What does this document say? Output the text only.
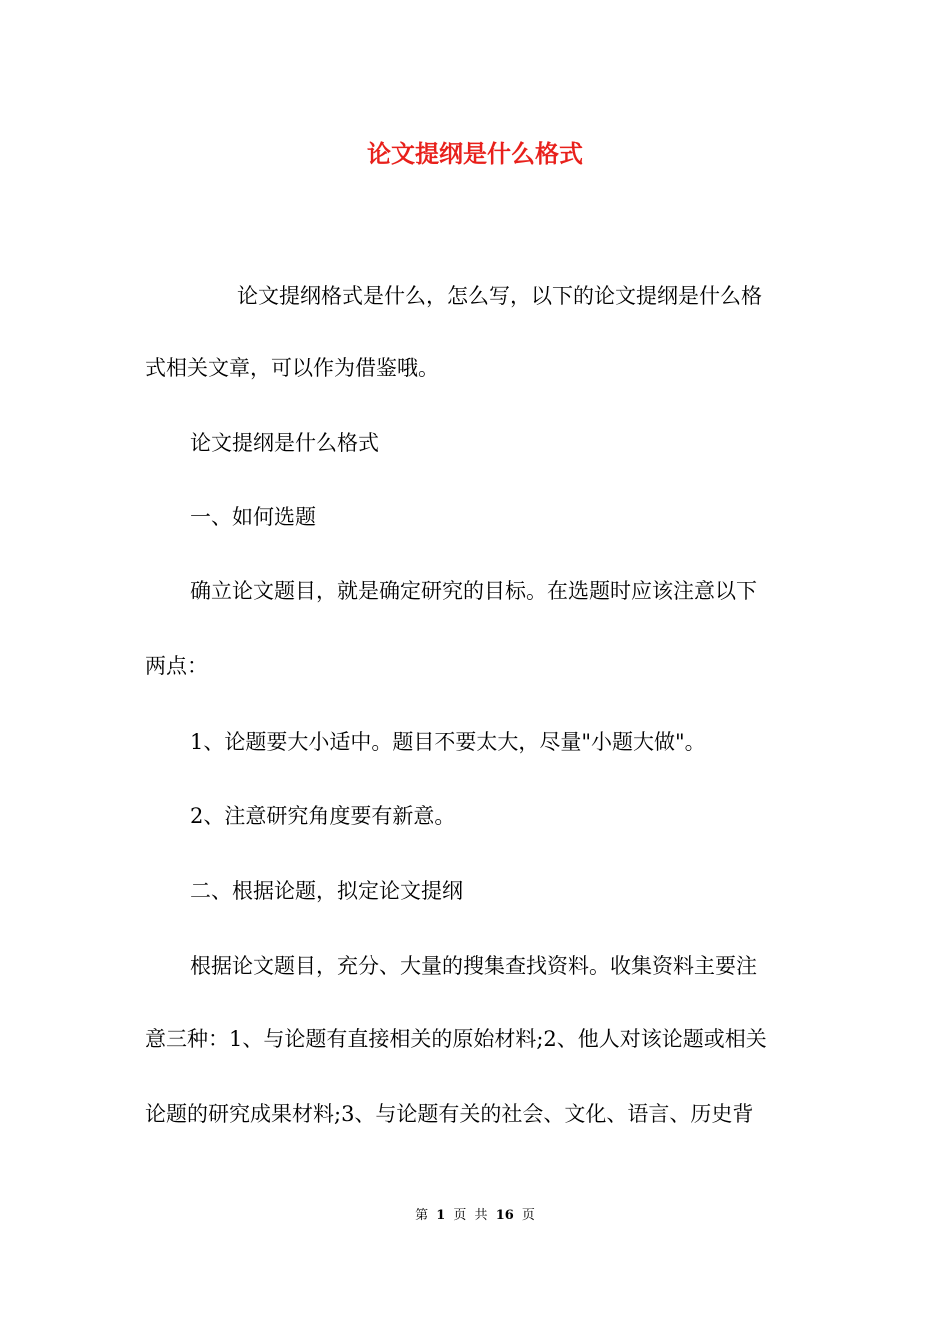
论文提纲是什么格式
论文提纲格式是什么，怎么写，以下的论文提纲是什么格
式相关文章，可以作为借鉴哦。
论文提纲是什么格式
一、如何选题
确立论文题目，就是确定研究的目标。在选题时应该注意以下
两点：
1、论题要大小适中。题目不要太大，尽量"小题大做"。
2、注意研究角度要有新意。
二、根据论题，拟定论文提纲
根据论文题目，充分、大量的搜集查找资料。收集资料主要注
意三种：1、与论题有直接相关的原始材料;2、他人对该论题或相关
论题的研究成果材料;3、与论题有关的社会、文化、语言、历史背
第 1 页 共 16 页
